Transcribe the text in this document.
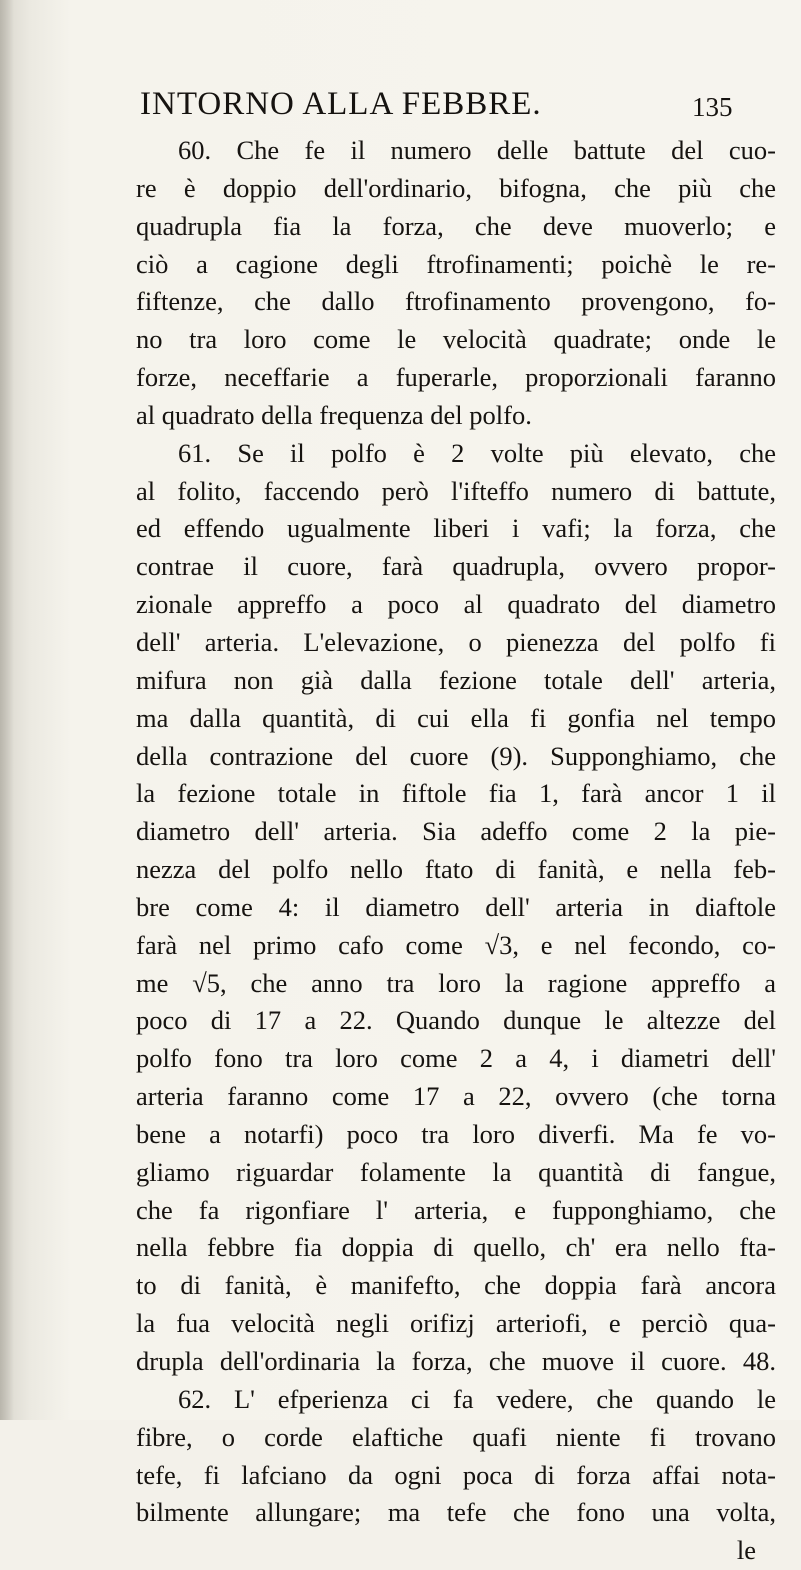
INTORNO ALLA FEBBRE.	135
60. Che fe il numero delle battute del cuo-
re è doppio dell'ordinario, bifogna, che più che
quadrupla fia la forza, che deve muoverlo; e
ciò a cagione degli ftrofinamenti; poichè le re-
fiftenze, che dallo ftrofinamento provengono, fo-
no tra loro come le velocità quadrate; onde le
forze, neceffarie a fuperarle, proporzionali faranno
al quadrato della frequenza del polfo.
61. Se il polfo è 2 volte più elevato, che
al folito, faccendo però l'ifteffo numero di battute,
ed effendo ugualmente liberi i vafi; la forza, che
contrae il cuore, farà quadrupla, ovvero propor-
zionale appreffo a poco al quadrato del diametro
dell' arteria. L'elevazione, o pienezza del polfo fi
mifura non già dalla fezione totale dell' arteria,
ma dalla quantità, di cui ella fi gonfia nel tempo
della contrazione del cuore (9). Supponghiamo, che
la fezione totale in fiftole fia 1, farà ancor 1 il
diametro dell' arteria. Sia adeffo come 2 la pie-
nezza del polfo nello ftato di fanità, e nella feb-
bre come 4: il diametro dell' arteria in diaftole
farà nel primo cafo come √3, e nel fecondo, co-
me √5, che anno tra loro la ragione appreffo a
poco di 17 a 22. Quando dunque le altezze del
polfo fono tra loro come 2 a 4, i diametri dell'
arteria faranno come 17 a 22, ovvero (che torna
bene a notarfi) poco tra loro diverfi. Ma fe vo-
gliamo riguardar folamente la quantità di fangue,
che fa rigonfiare l' arteria, e fupponghiamo, che
nella febbre fia doppia di quello, ch' era nello fta-
to di fanità, è manifefto, che doppia farà ancora
la fua velocità negli orifizj arteriofi, e perciò qua-
drupla dell'ordinaria la forza, che muove il cuore. 48.
62. L' efperienza ci fa vedere, che quando le
fibre, o corde elaftiche quafi niente fi trovano
tefe, fi lafciano da ogni poca di forza affai nota-
bilmente allungare; ma tefe che fono una volta,
le
